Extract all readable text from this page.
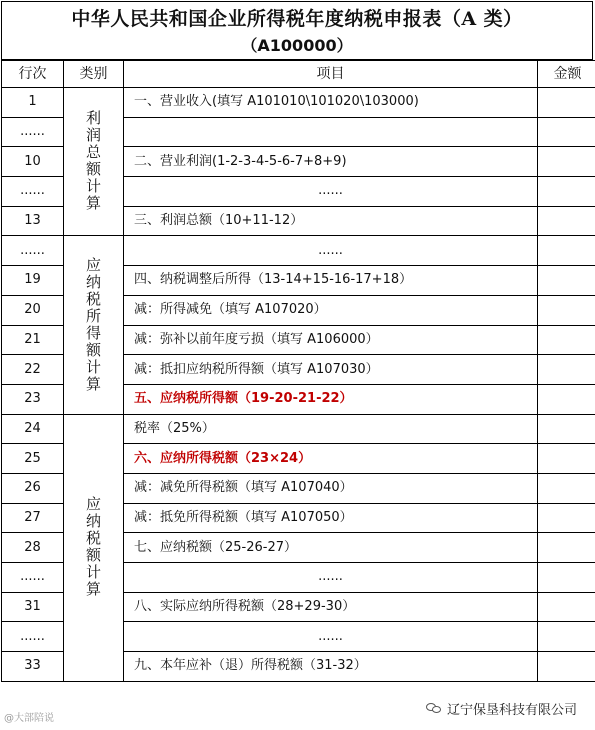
中华人民共和国企业所得税年度纳税申报表（A 类）
（A100000）
行次	类别	项目	金额
1	利润总额计算	一、营业收入(填写 A101010\101020\103000)	
......			
10		二、营业利润(1-2-3-4-5-6-7+8+9)	
......		......	
13		三、利润总额（10+11-12）	
......	应纳税所得额计算	......	
19		四、纳税调整后所得（13-14+15-16-17+18）	
20		减：所得减免（填写 A107020）	
21		减：弥补以前年度亏损（填写 A106000）	
22		减：抵扣应纳税所得额（填写 A107030）	
23		五、应纳税所得额（19-20-21-22）	
24	应纳税额计算	税率（25%）	
25		六、应纳所得税额（23×24）	
26		减：减免所得税额（填写 A107040）	
27		减：抵免所得税额（填写 A107050）	
28		七、应纳税额（25-26-27）	
......		......	
31		八、实际应纳所得税额（28+29-30）	
......		......	
33		九、本年应补（退）所得税额（31-32）	
@大部陪说
辽宁保垦科技有限公司
